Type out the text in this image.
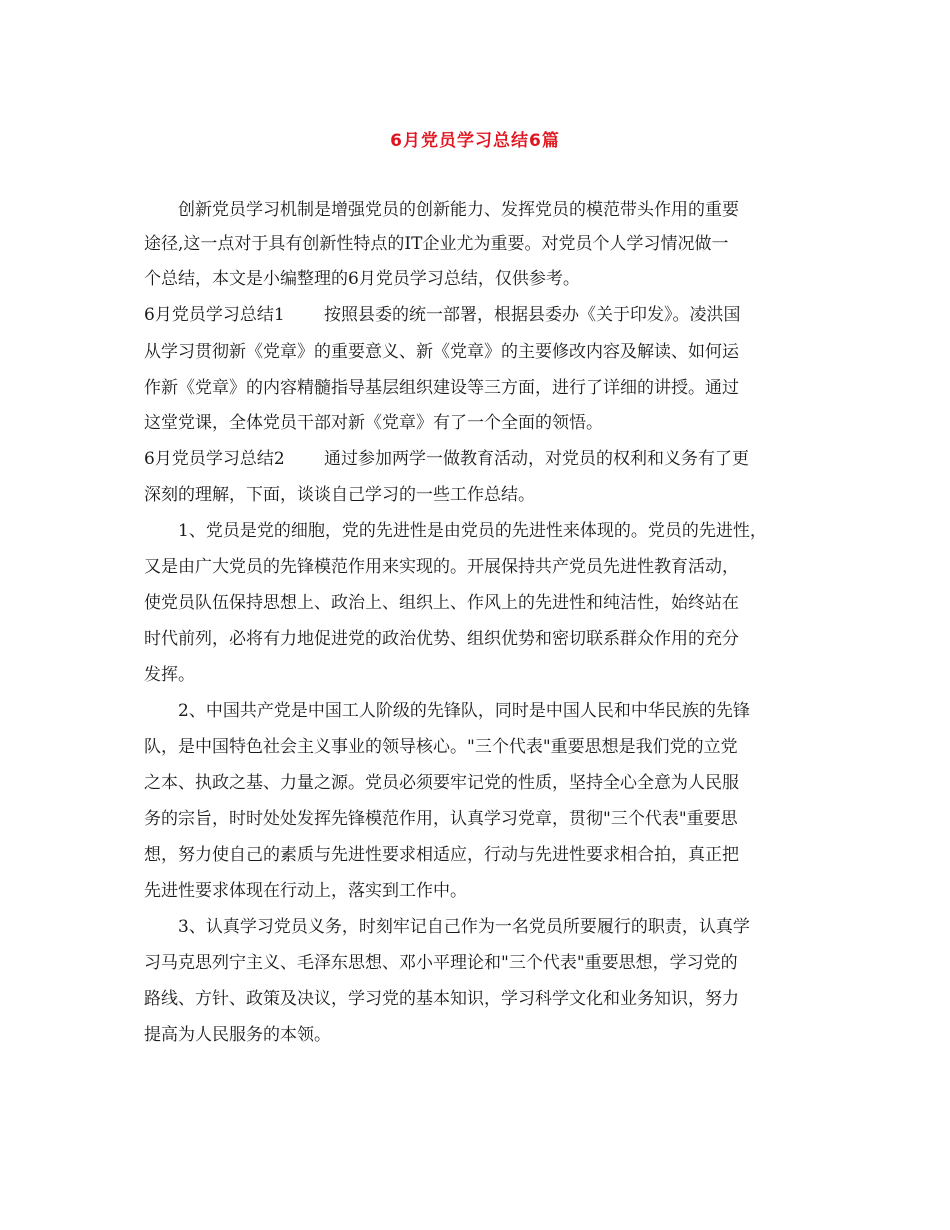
6月党员学习总结6篇
　　创新党员学习机制是增强党员的创新能力、发挥党员的模范带头作用的重要
途径,这一点对于具有创新性特点的IT企业尤为重要。对党员个人学习情况做一
个总结，本文是小编整理的6月党员学习总结，仅供参考。
6月党员学习总结1　　 按照县委的统一部署，根据县委办《关于印发》。凌洪国
从学习贯彻新《党章》的重要意义、新《党章》的主要修改内容及解读、如何运
作新《党章》的内容精髓指导基层组织建设等三方面，进行了详细的讲授。通过
这堂党课，全体党员干部对新《党章》有了一个全面的领悟。
6月党员学习总结2　　 通过参加两学一做教育活动，对党员的权利和义务有了更
深刻的理解，下面，谈谈自己学习的一些工作总结。
　　1、党员是党的细胞，党的先进性是由党员的先进性来体现的。党员的先进性，
又是由广大党员的先锋模范作用来实现的。开展保持共产党员先进性教育活动，
使党员队伍保持思想上、政治上、组织上、作风上的先进性和纯洁性，始终站在
时代前列，必将有力地促进党的政治优势、组织优势和密切联系群众作用的充分
发挥。
　　2、中国共产党是中国工人阶级的先锋队，同时是中国人民和中华民族的先锋
队，是中国特色社会主义事业的领导核心。"三个代表"重要思想是我们党的立党
之本、执政之基、力量之源。党员必须要牢记党的性质，坚持全心全意为人民服
务的宗旨，时时处处发挥先锋模范作用，认真学习党章，贯彻"三个代表"重要思
想，努力使自己的素质与先进性要求相适应，行动与先进性要求相合拍，真正把
先进性要求体现在行动上，落实到工作中。
　　3、认真学习党员义务，时刻牢记自己作为一名党员所要履行的职责，认真学
习马克思列宁主义、毛泽东思想、邓小平理论和"三个代表"重要思想，学习党的
路线、方针、政策及决议，学习党的基本知识，学习科学文化和业务知识，努力
提高为人民服务的本领。
